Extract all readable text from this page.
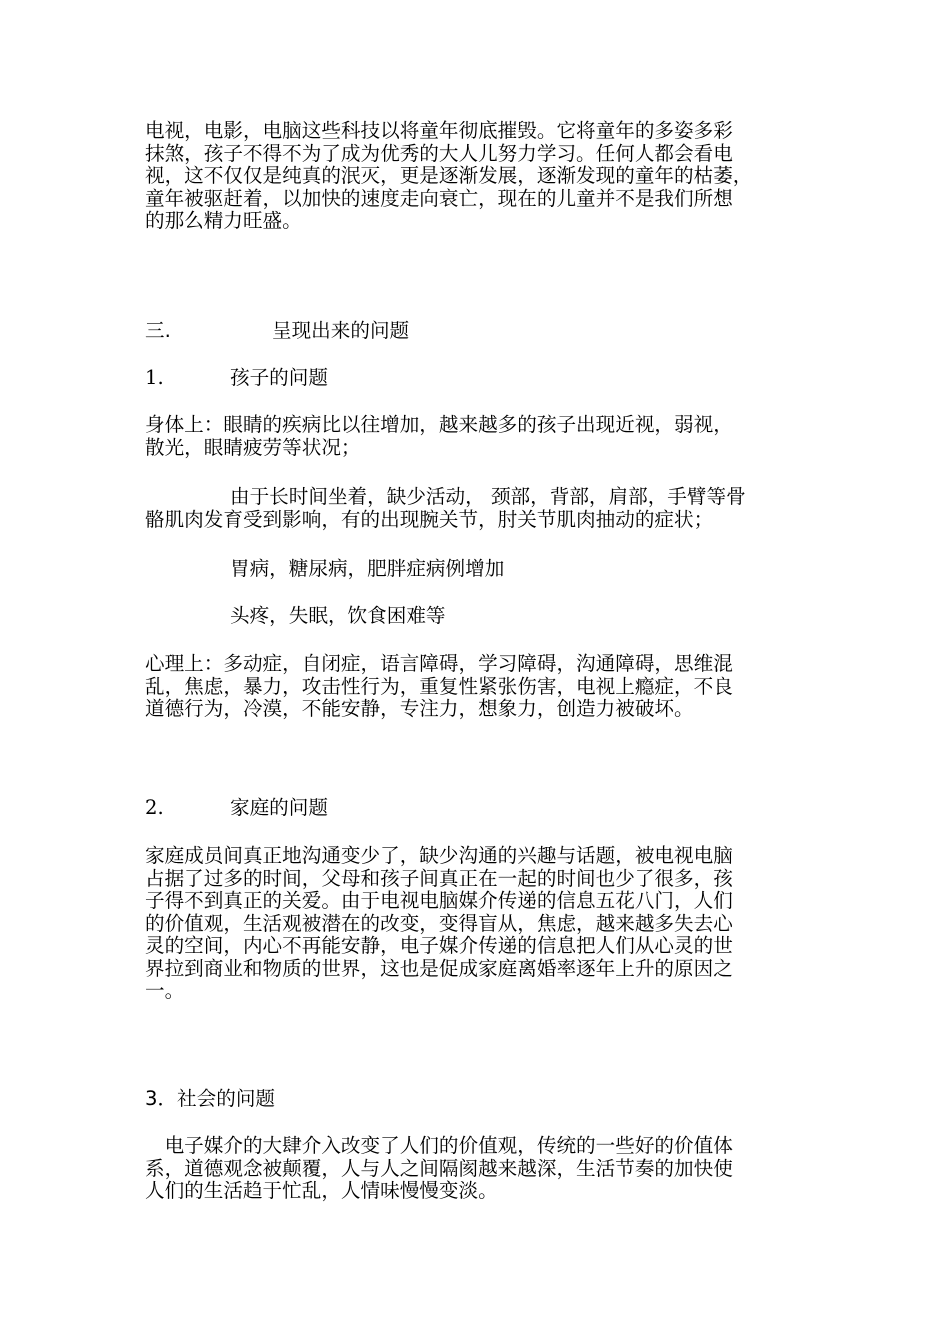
电视，电影，电脑这些科技以将童年彻底摧毁。它将童年的多姿多彩
抹煞，孩子不得不为了成为优秀的大人儿努力学习。任何人都会看电
视，这不仅仅是纯真的泯灭，更是逐渐发展，逐渐发现的童年的枯萎，
童年被驱赶着，以加快的速度走向衰亡，现在的儿童并不是我们所想
的那么精力旺盛。
三.	呈现出来的问题
1.	孩子的问题
身体上：眼睛的疾病比以往增加，越来越多的孩子出现近视，弱视，
散光，眼睛疲劳等状况；
由于长时间坐着，缺少活动， 颈部，背部，肩部，手臂等骨
骼肌肉发育受到影响，有的出现腕关节，肘关节肌肉抽动的症状；
胃病，糖尿病，肥胖症病例增加
头疼，失眠，饮食困难等
心理上：多动症，自闭症，语言障碍，学习障碍，沟通障碍，思维混
乱，焦虑，暴力，攻击性行为，重复性紧张伤害，电视上瘾症，不良
道德行为，冷漠，不能安静，专注力，想象力，创造力被破坏。
2.	家庭的问题
家庭成员间真正地沟通变少了，缺少沟通的兴趣与话题，被电视电脑
占据了过多的时间，父母和孩子间真正在一起的时间也少了很多，孩
子得不到真正的关爱。由于电视电脑媒介传递的信息五花八门，人们
的价值观，生活观被潜在的改变，变得盲从，焦虑，越来越多失去心
灵的空间，内心不再能安静，电子媒介传递的信息把人们从心灵的世
界拉到商业和物质的世界，这也是促成家庭离婚率逐年上升的原因之
一。
3．社会的问题
　电子媒介的大肆介入改变了人们的价值观，传统的一些好的价值体
系，道德观念被颠覆，人与人之间隔阂越来越深，生活节奏的加快使
人们的生活趋于忙乱，人情味慢慢变淡。
